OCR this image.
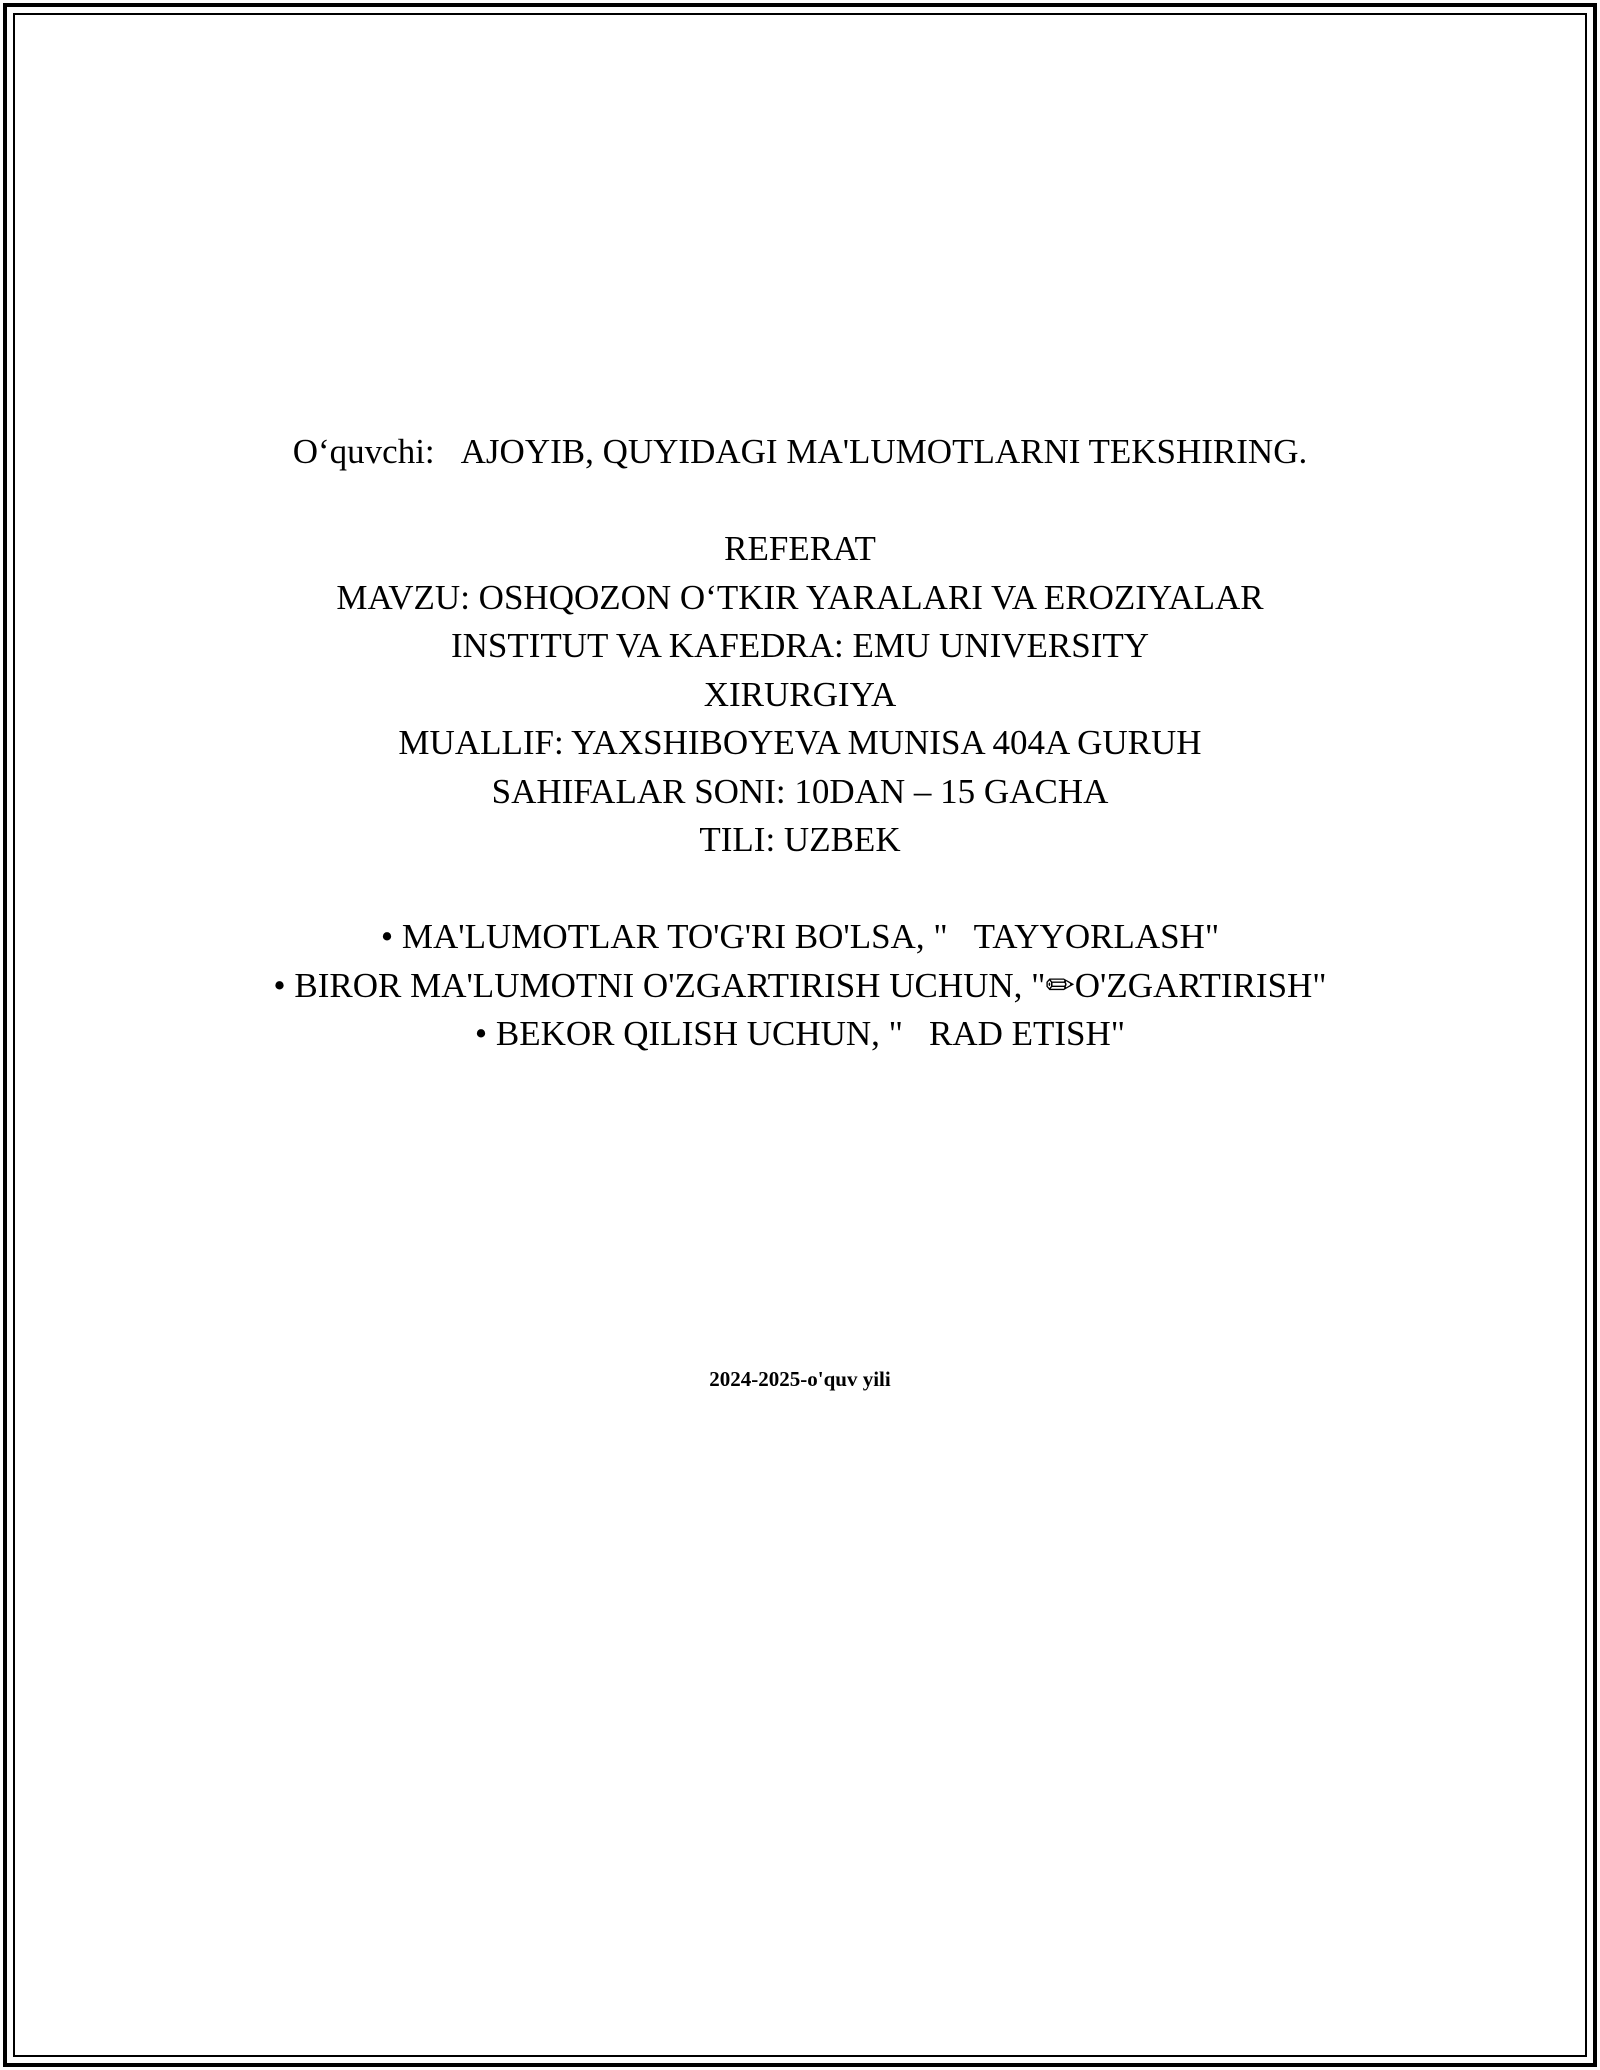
O‘quvchi: AJOYIB, QUYIDAGI MA'LUMOTLARNI TEKSHIRING.
REFERAT
MAVZU: OSHQOZON O‘TKIR YARALARI VA EROZIYALAR
INSTITUT VA KAFEDRA: EMU UNIVERSITY
XIRURGIYA
MUALLIF: YAXSHIBOYEVA MUNISA 404A GURUH
SAHIFALAR SONI: 10DAN – 15 GACHA
TILI: UZBEK
• MA'LUMOTLAR TO'G'RI BO'LSA, " TAYYORLASH"
• BIROR MA'LUMOTNI O'ZGARTIRISH UCHUN, "✏O'ZGARTIRISH"
• BEKOR QILISH UCHUN, " RAD ETISH"
2024-2025-o'quv yili
